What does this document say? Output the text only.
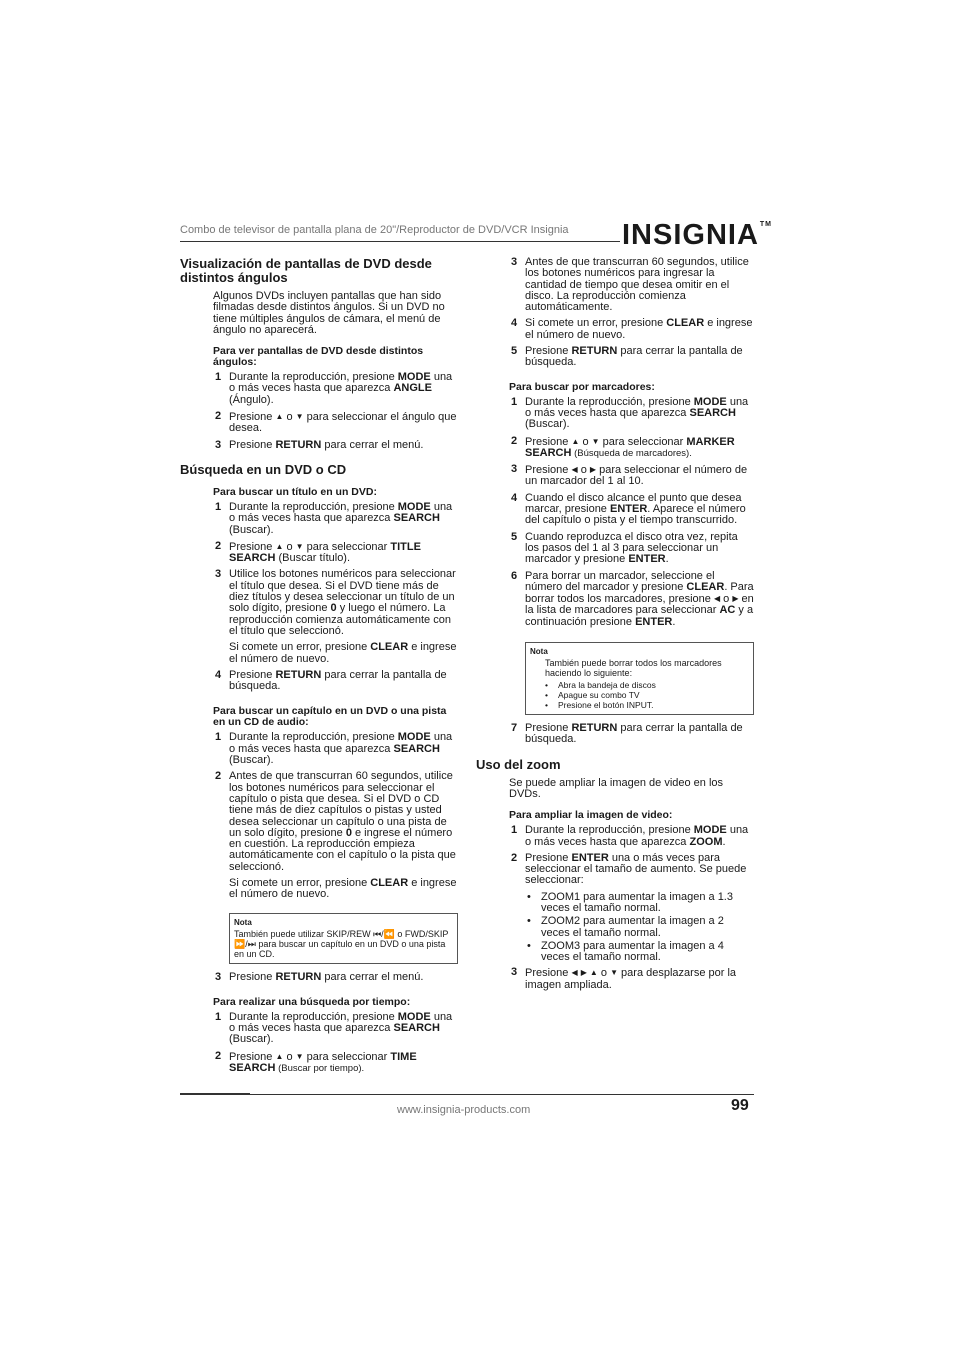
Combo de televisor de pantalla plana de 20"/Reproductor de DVD/VCR Insignia INSIGNIA™
Visualización de pantallas de DVD desde distintos ángulos

Algunos DVDs incluyen pantallas que han sido filmadas desde distintos ángulos. Si un DVD no tiene múltiples ángulos de cámara, el menú de ángulo no aparecerá.

Para ver pantallas de DVD desde distintos ángulos:
1 Durante la reproducción, presione MODE una o más veces hasta que aparezca ANGLE (Ángulo).
2 Presione ▲ o ▼ para seleccionar el ángulo que desea.
3 Presione RETURN para cerrar el menú.
Búsqueda en un DVD o CD
Para buscar un título en un DVD:
1 Durante la reproducción, presione MODE una o más veces hasta que aparezca SEARCH (Buscar).
2 Presione ▲ o ▼ para seleccionar TITLE SEARCH (Buscar título).
3 Utilice los botones numéricos para seleccionar el título que desea. Si el DVD tiene más de diez títulos y desea seleccionar un título de un solo dígito, presione 0 y luego el número. La reproducción comienza automáticamente con el título que seleccionó.
Si comete un error, presione CLEAR e ingrese el número de nuevo.
4 Presione RETURN para cerrar la pantalla de búsqueda.
Para buscar un capítulo en un DVD o una pista en un CD de audio:
1 Durante la reproducción, presione MODE una o más veces hasta que aparezca SEARCH (Buscar).
2 Antes de que transcurran 60 segundos, utilice los botones numéricos para seleccionar el capítulo o pista que desea. Si el DVD o CD tiene más de diez capítulos o pistas y usted desea seleccionar un capítulo o una pista de un solo dígito, presione 0 e ingrese el número en cuestión. La reproducción empieza automáticamente con el capítulo o la pista que seleccionó.
Si comete un error, presione CLEAR e ingrese el número de nuevo.
Nota
También puede utilizar SKIP/REW ⏮/⏪ o FWD/SKIP ⏩/⏭ para buscar un capítulo en un DVD o una pista en un CD.
3 Presione RETURN para cerrar el menú.
Para realizar una búsqueda por tiempo:
1 Durante la reproducción, presione MODE una o más veces hasta que aparezca SEARCH (Buscar).
2 Presione ▲ o ▼ para seleccionar TIME SEARCH (Buscar por tiempo).
3 Antes de que transcurran 60 segundos, utilice los botones numéricos para ingresar la cantidad de tiempo que desea omitir en el disco. La reproducción comienza automáticamente.
4 Si comete un error, presione CLEAR e ingrese el número de nuevo.
5 Presione RETURN para cerrar la pantalla de búsqueda.
Para buscar por marcadores:
1 Durante la reproducción, presione MODE una o más veces hasta que aparezca SEARCH (Buscar).
2 Presione ▲ o ▼ para seleccionar MARKER SEARCH (Búsqueda de marcadores).
3 Presione ◀ o ▶ para seleccionar el número de un marcador del 1 al 10.
4 Cuando el disco alcance el punto que desea marcar, presione ENTER. Aparece el número del capítulo o pista y el tiempo transcurrido.
5 Cuando reproduzca el disco otra vez, repita los pasos del 1 al 3 para seleccionar un marcador y presione ENTER.
6 Para borrar un marcador, seleccione el número del marcador y presione CLEAR. Para borrar todos los marcadores, presione ◀ o ▶ en la lista de marcadores para seleccionar AC y a continuación presione ENTER.
Nota
También puede borrar todos los marcadores haciendo lo siguiente:
• Abra la bandeja de discos
• Apague su combo TV
• Presione el botón INPUT.
7 Presione RETURN para cerrar la pantalla de búsqueda.
Uso del zoom

Se puede ampliar la imagen de video en los DVDs.

Para ampliar la imagen de video:
1 Durante la reproducción, presione MODE una o más veces hasta que aparezca ZOOM.
2 Presione ENTER una o más veces para seleccionar el tamaño de aumento. Se puede seleccionar:
• ZOOM1 para aumentar la imagen a 1.3 veces el tamaño normal.
• ZOOM2 para aumentar la imagen a 2 veces el tamaño normal.
• ZOOM3 para aumentar la imagen a 4 veces el tamaño normal.
3 Presione ◀ ▶ ▲ o ▼ para desplazarse por la imagen ampliada.
www.insignia-products.com	99
